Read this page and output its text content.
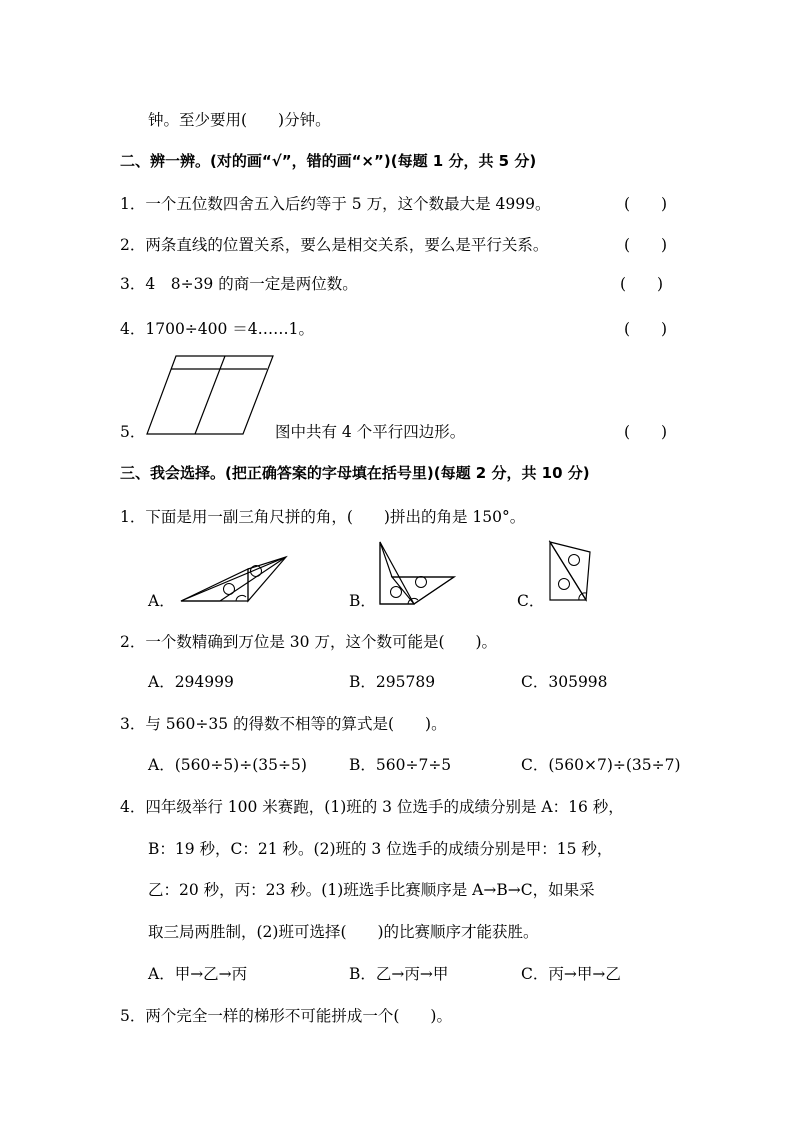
钟。至少要用(　　)分钟。
二、辨一辨。(对的画“√”，错的画“×”)(每题 1 分，共 5 分)
1．一个五位数四舍五入后约等于 5 万，这个数最大是 4999。	(　　)
2．两条直线的位置关系，要么是相交关系，要么是平行关系。	(　　)
3．4　8÷39 的商一定是两位数。	(　　)
4．1700÷400 ＝4……1。	(　　)
5．	图中共有 4 个平行四边形。	(　　)
三、我会选择。(把正确答案的字母填在括号里)(每题 2 分，共 10 分)
1．下面是用一副三角尺拼的角，(　　)拼出的角是 150°。
A．	B．	C．
2．一个数精确到万位是 30 万，这个数可能是(　　)。
A．294999	B．295789	C．305998
3．与 560÷35 的得数不相等的算式是(　　)。
A．(560÷5)÷(35÷5)	B．560÷7÷5	C．(560×7)÷(35÷7)
4．四年级举行 100 米赛跑，(1)班的 3 位选手的成绩分别是 A：16 秒，
B：19 秒，C：21 秒。(2)班的 3 位选手的成绩分别是甲：15 秒，
乙：20 秒，丙：23 秒。(1)班选手比赛顺序是 A→B→C，如果采
取三局两胜制，(2)班可选择(　　)的比赛顺序才能获胜。
A．甲→乙→丙	B．乙→丙→甲	C．丙→甲→乙
5．两个完全一样的梯形不可能拼成一个(　　)。
